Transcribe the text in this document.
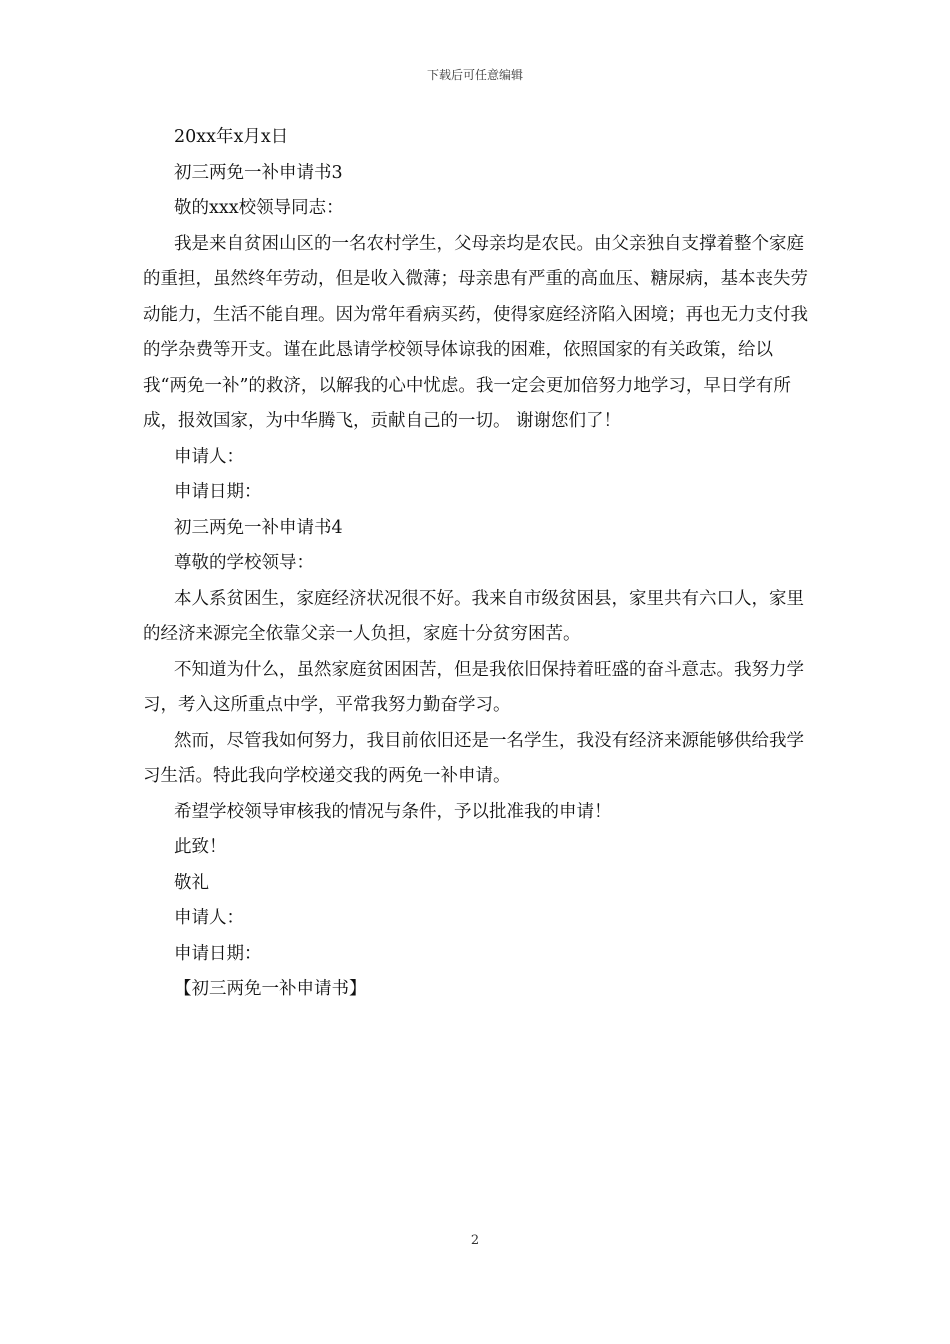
下载后可任意编辑

20xx年x月x日

初三两免一补申请书3

敬的xxx校领导同志：

我是来自贫困山区的一名农村学生，父母亲均是农民。由父亲独自支撑着整个家庭的重担，虽然终年劳动，但是收入微薄；母亲患有严重的高血压、糖尿病，基本丧失劳动能力，生活不能自理。因为常年看病买药，使得家庭经济陷入困境；再也无力支付我的学杂费等开支。谨在此恳请学校领导体谅我的困难，依照国家的有关政策，给以我“两免一补”的救济，以解我的心中忧虑。我一定会更加倍努力地学习，早日学有所成，报效国家，为中华腾飞，贡献自己的一切。 谢谢您们了！

申请人：

申请日期：

初三两免一补申请书4

尊敬的学校领导：

本人系贫困生，家庭经济状况很不好。我来自市级贫困县，家里共有六口人，家里的经济来源完全依靠父亲一人负担，家庭十分贫穷困苦。

不知道为什么，虽然家庭贫困困苦，但是我依旧保持着旺盛的奋斗意志。我努力学习，考入这所重点中学，平常我努力勤奋学习。

然而，尽管我如何努力，我目前依旧还是一名学生，我没有经济来源能够供给我学习生活。特此我向学校递交我的两免一补申请。

希望学校领导审核我的情况与条件，予以批准我的申请！

此致！

敬礼

申请人：

申请日期：

【初三两免一补申请书】

2
